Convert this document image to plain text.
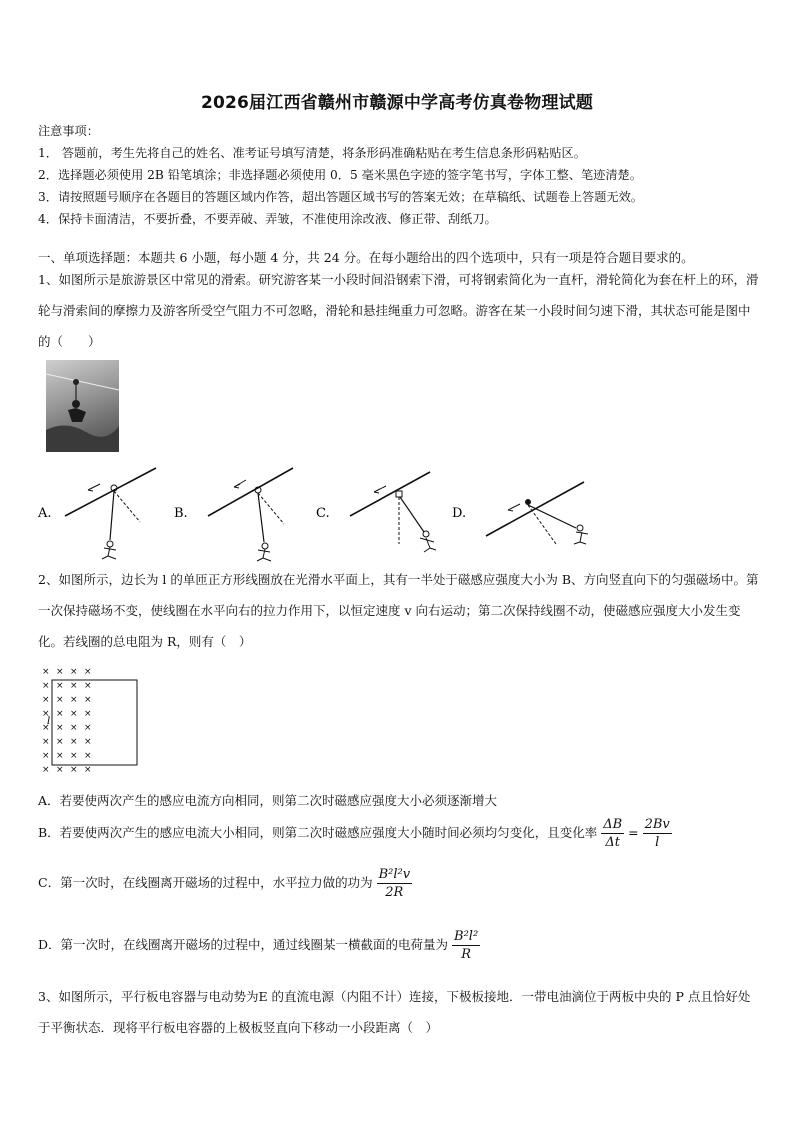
2026届江西省赣州市赣源中学高考仿真卷物理试题
注意事项：
1． 答题前，考生先将自己的姓名、准考证号填写清楚，将条形码准确粘贴在考生信息条形码粘贴区。
2．选择题必须使用 2B 铅笔填涂；非选择题必须使用 0．5 毫米黑色字迹的签字笔书写，字体工整、笔迹清楚。
3．请按照题号顺序在各题目的答题区域内作答，超出答题区域书写的答案无效；在草稿纸、试题卷上答题无效。
4．保持卡面清洁，不要折叠，不要弄破、弄皱，不准使用涂改液、修正带、刮纸刀。
一、单项选择题：本题共 6 小题，每小题 4 分，共 24 分。在每小题给出的四个选项中，只有一项是符合题目要求的。
1、如图所示是旅游景区中常见的滑索。研究游客某一小段时间沿钢索下滑，可将钢索简化为一直杆，滑轮简化为套在杆上的环，滑轮与滑索间的摩擦力及游客所受空气阻力不可忽略，滑轮和悬挂绳重力可忽略。游客在某一小段时间匀速下滑，其状态可能是图中的（　　）
A.	B.	C.	D.
2、如图所示，边长为 l 的单匝正方形线圈放在光滑水平面上，其有一半处于磁感应强度大小为 B、方向竖直向下的匀强磁场中。第一次保持磁场不变，使线圈在水平向右的拉力作用下，以恒定速度 v 向右运动；第二次保持线圈不动，使磁感应强度大小发生变化。若线圈的总电阻为 R，则有（　）
× × × ×
× × × ×
× × × ×
× × × ×
× × × ×
× × × ×
× × × ×
× × × ×
l
A．若要使两次产生的感应电流方向相同，则第二次时磁感应强度大小必须逐渐增大
B．若要使两次产生的感应电流大小相同，则第二次时磁感应强度大小随时间必须均匀变化，且变化率 $\frac{\Delta B}{\Delta t} = \frac{2Bv}{l}$
C．第一次时，在线圈离开磁场的过程中，水平拉力做的功为 $\frac{\text{B²l²v}}{2R}$
D．第一次时，在线圈离开磁场的过程中，通过线圈某一横截面的电荷量为 $\frac{\text{B²l²}}{R}$
3、如图所示，平行板电容器与电动势为E 的直流电源（内阻不计）连接，下极板接地．一带电油滴位于两板中央的 P 点且恰好处于平衡状态．现将平行板电容器的上极板竖直向下移动一小段距离（　）
